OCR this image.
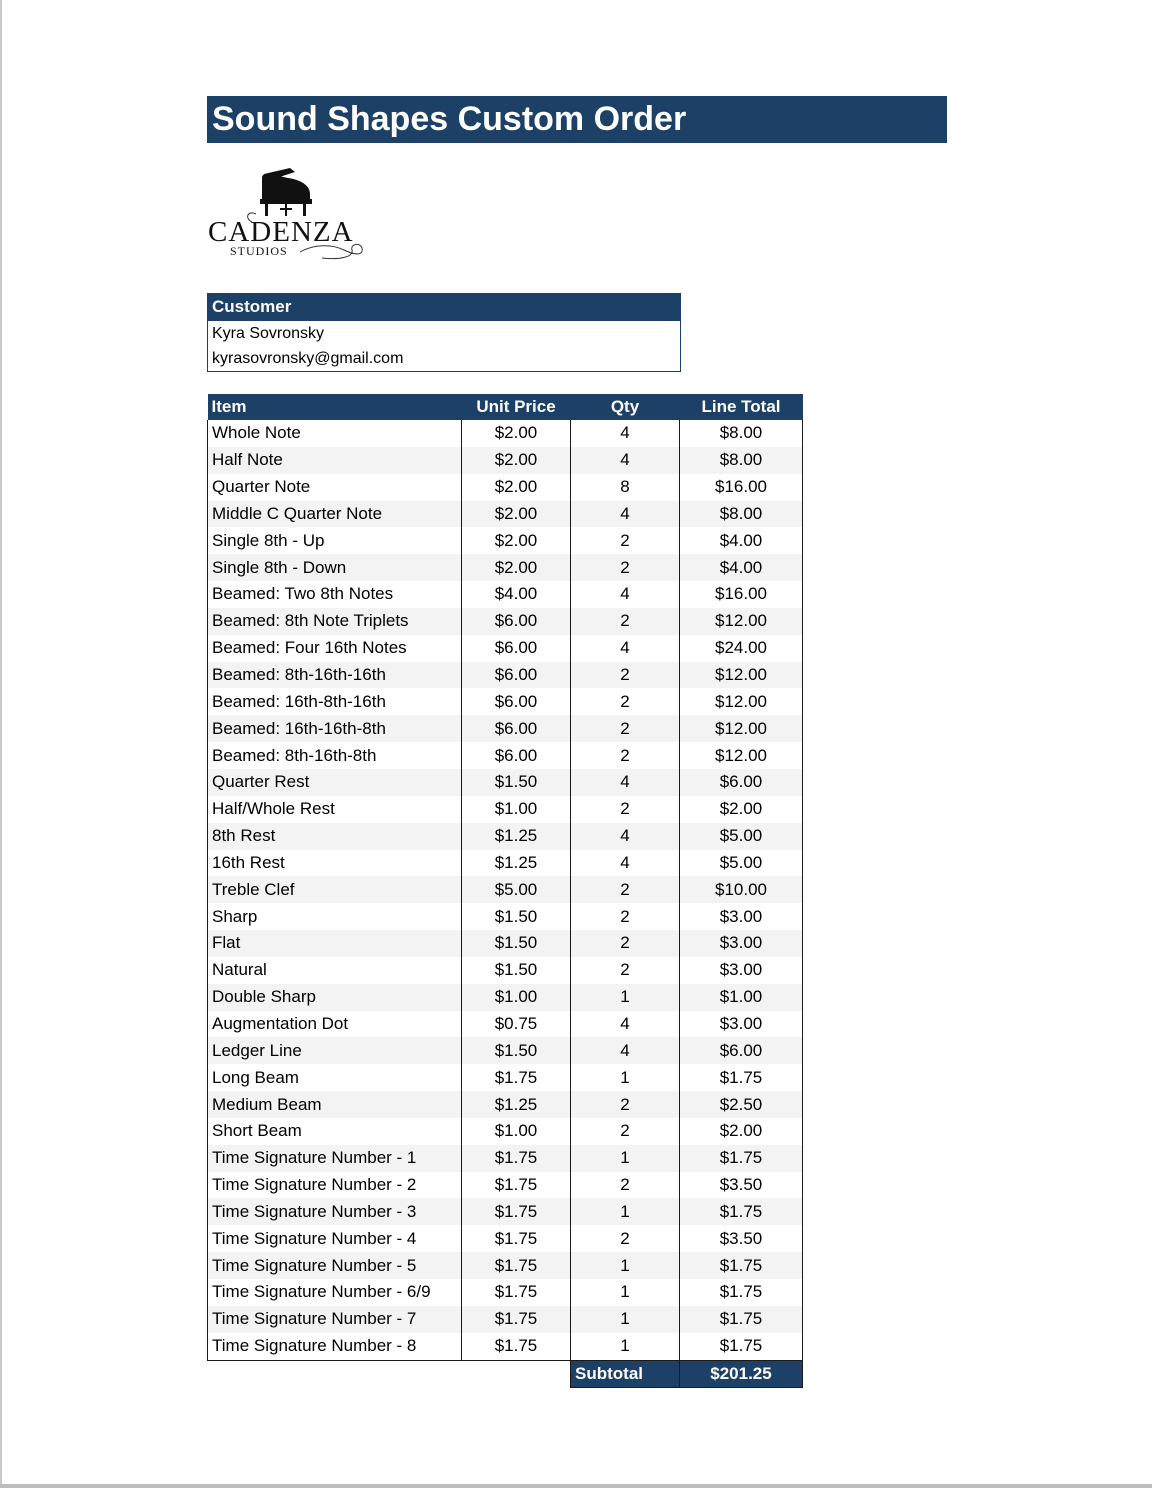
Sound Shapes Custom Order
CADENZA
STUDIOS
Customer
Kyra Sovronsky
kyrasovronsky@gmail.com
Item	Unit Price	Qty	Line Total
Whole Note	$2.00	4	$8.00
Half Note	$2.00	4	$8.00
Quarter Note	$2.00	8	$16.00
Middle C Quarter Note	$2.00	4	$8.00
Single 8th - Up	$2.00	2	$4.00
Single 8th - Down	$2.00	2	$4.00
Beamed: Two 8th Notes	$4.00	4	$16.00
Beamed: 8th Note Triplets	$6.00	2	$12.00
Beamed: Four 16th Notes	$6.00	4	$24.00
Beamed: 8th-16th-16th	$6.00	2	$12.00
Beamed: 16th-8th-16th	$6.00	2	$12.00
Beamed: 16th-16th-8th	$6.00	2	$12.00
Beamed: 8th-16th-8th	$6.00	2	$12.00
Quarter Rest	$1.50	4	$6.00
Half/Whole Rest	$1.00	2	$2.00
8th Rest	$1.25	4	$5.00
16th Rest	$1.25	4	$5.00
Treble Clef	$5.00	2	$10.00
Sharp	$1.50	2	$3.00
Flat	$1.50	2	$3.00
Natural	$1.50	2	$3.00
Double Sharp	$1.00	1	$1.00
Augmentation Dot	$0.75	4	$3.00
Ledger Line	$1.50	4	$6.00
Long Beam	$1.75	1	$1.75
Medium Beam	$1.25	2	$2.50
Short Beam	$1.00	2	$2.00
Time Signature Number - 1	$1.75	1	$1.75
Time Signature Number - 2	$1.75	2	$3.50
Time Signature Number - 3	$1.75	1	$1.75
Time Signature Number - 4	$1.75	2	$3.50
Time Signature Number - 5	$1.75	1	$1.75
Time Signature Number - 6/9	$1.75	1	$1.75
Time Signature Number - 7	$1.75	1	$1.75
Time Signature Number - 8	$1.75	1	$1.75
		Subtotal	$201.25
